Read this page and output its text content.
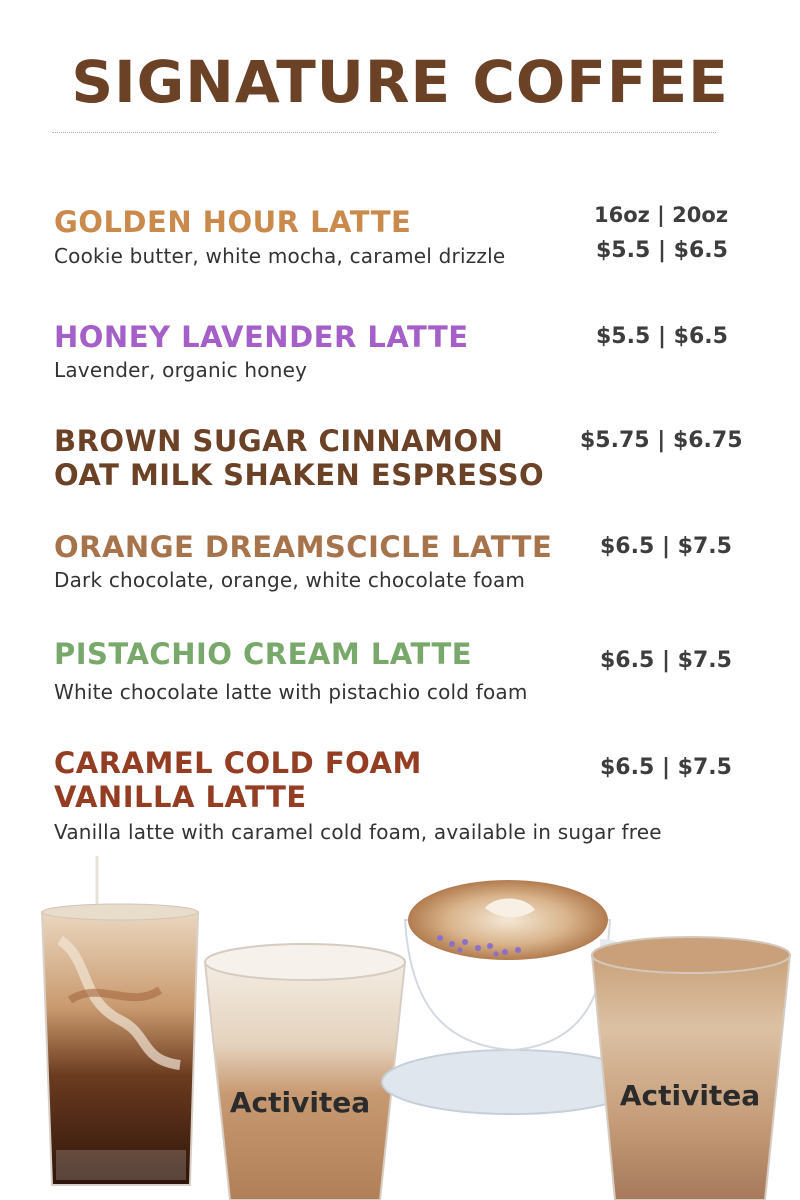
SIGNATURE COFFEE
16oz | 20oz
GOLDEN HOUR LATTE
Cookie butter, white mocha, caramel drizzle	$5.5 | $6.5
HONEY LAVENDER LATTE
Lavender, organic honey
$5.5 | $6.5
BROWN SUGAR CINNAMON
OAT MILK SHAKEN ESPRESSO
$5.75 | $6.75
ORANGE DREAMSCICLE LATTE
Dark chocolate, orange, white chocolate foam
$6.5 | $7.5
PISTACHIO CREAM LATTE
White chocolate latte with pistachio cold foam
$6.5 | $7.5
CARAMEL COLD FOAM
VANILLA LATTE
Vanilla latte with caramel cold foam, available in sugar free
$6.5 | $7.5
Activitea	Activitea
